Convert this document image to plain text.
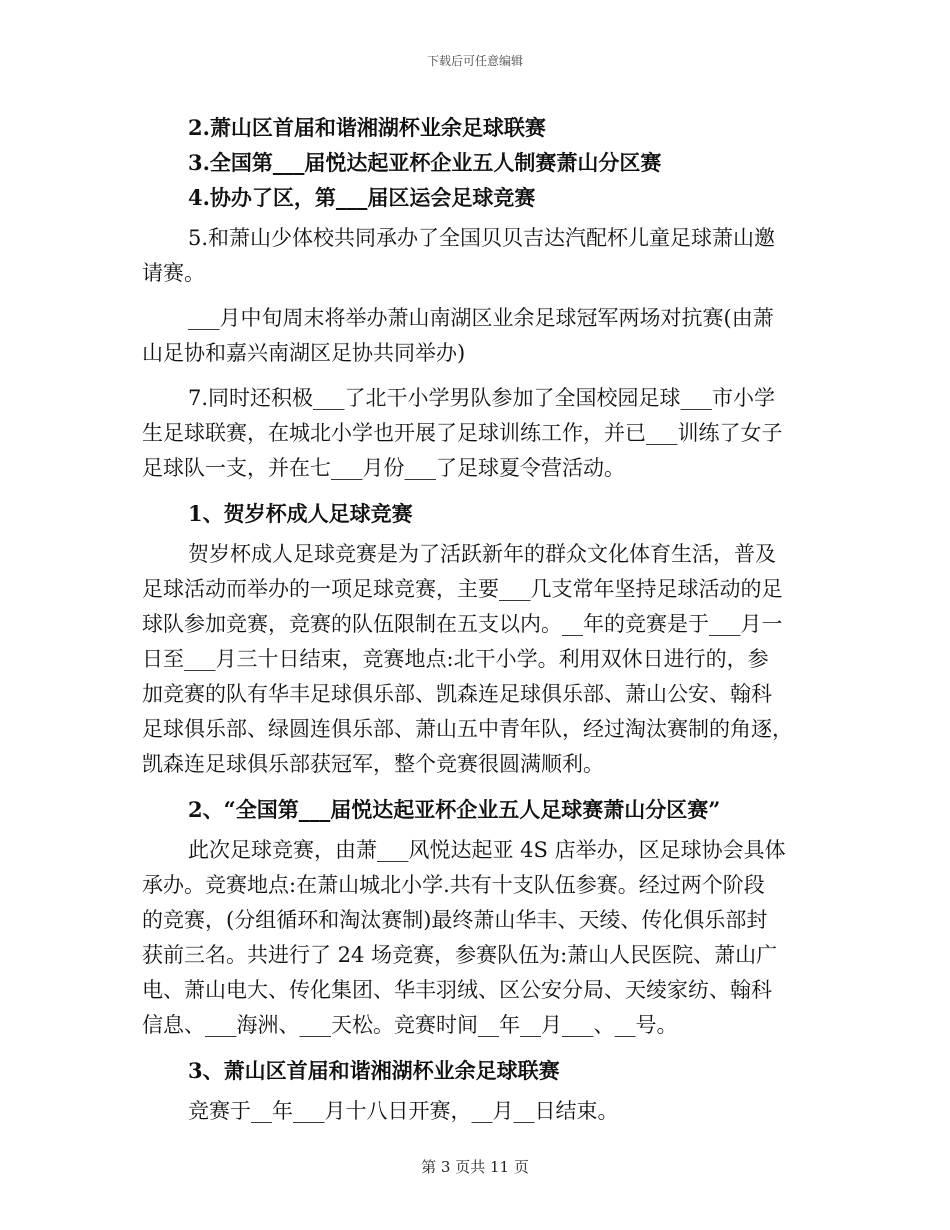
下载后可任意编辑
2.萧山区首届和谐湘湖杯业余足球联赛
3.全国第___届悦达起亚杯企业五人制赛萧山分区赛
4.协办了区，第___届区运会足球竞赛
5.和萧山少体校共同承办了全国贝贝吉达汽配杯儿童足球萧山邀
请赛。
___月中旬周末将举办萧山南湖区业余足球冠军两场对抗赛(由萧
山足协和嘉兴南湖区足协共同举办)
7.同时还积极___了北干小学男队参加了全国校园足球___市小学
生足球联赛，在城北小学也开展了足球训练工作，并已___训练了女子
足球队一支，并在七___月份___了足球夏令营活动。
1、贺岁杯成人足球竞赛
贺岁杯成人足球竞赛是为了活跃新年的群众文化体育生活，普及
足球活动而举办的一项足球竞赛，主要___几支常年坚持足球活动的足
球队参加竞赛，竞赛的队伍限制在五支以内。__年的竞赛是于___月一
日至___月三十日结束，竞赛地点:北干小学。利用双休日进行的，参
加竞赛的队有华丰足球俱乐部、凯森连足球俱乐部、萧山公安、翰科
足球俱乐部、绿圆连俱乐部、萧山五中青年队，经过淘汰赛制的角逐，
凯森连足球俱乐部获冠军，整个竞赛很圆满顺利。
2、“全国第___届悦达起亚杯企业五人足球赛萧山分区赛”
此次足球竞赛，由萧___风悦达起亚 4S 店举办，区足球协会具体
承办。竞赛地点:在萧山城北小学.共有十支队伍参赛。经过两个阶段
的竞赛，(分组循环和淘汰赛制)最终萧山华丰、天绫、传化俱乐部封
获前三名。共进行了 24 场竞赛，参赛队伍为:萧山人民医院、萧山广
电、萧山电大、传化集团、华丰羽绒、区公安分局、天绫家纺、翰科
信息、___海洲、___天松。竞赛时间__年__月___、__号。
3、萧山区首届和谐湘湖杯业余足球联赛
竞赛于__年___月十八日开赛，__月__日结束。
第 3 页共 11 页
